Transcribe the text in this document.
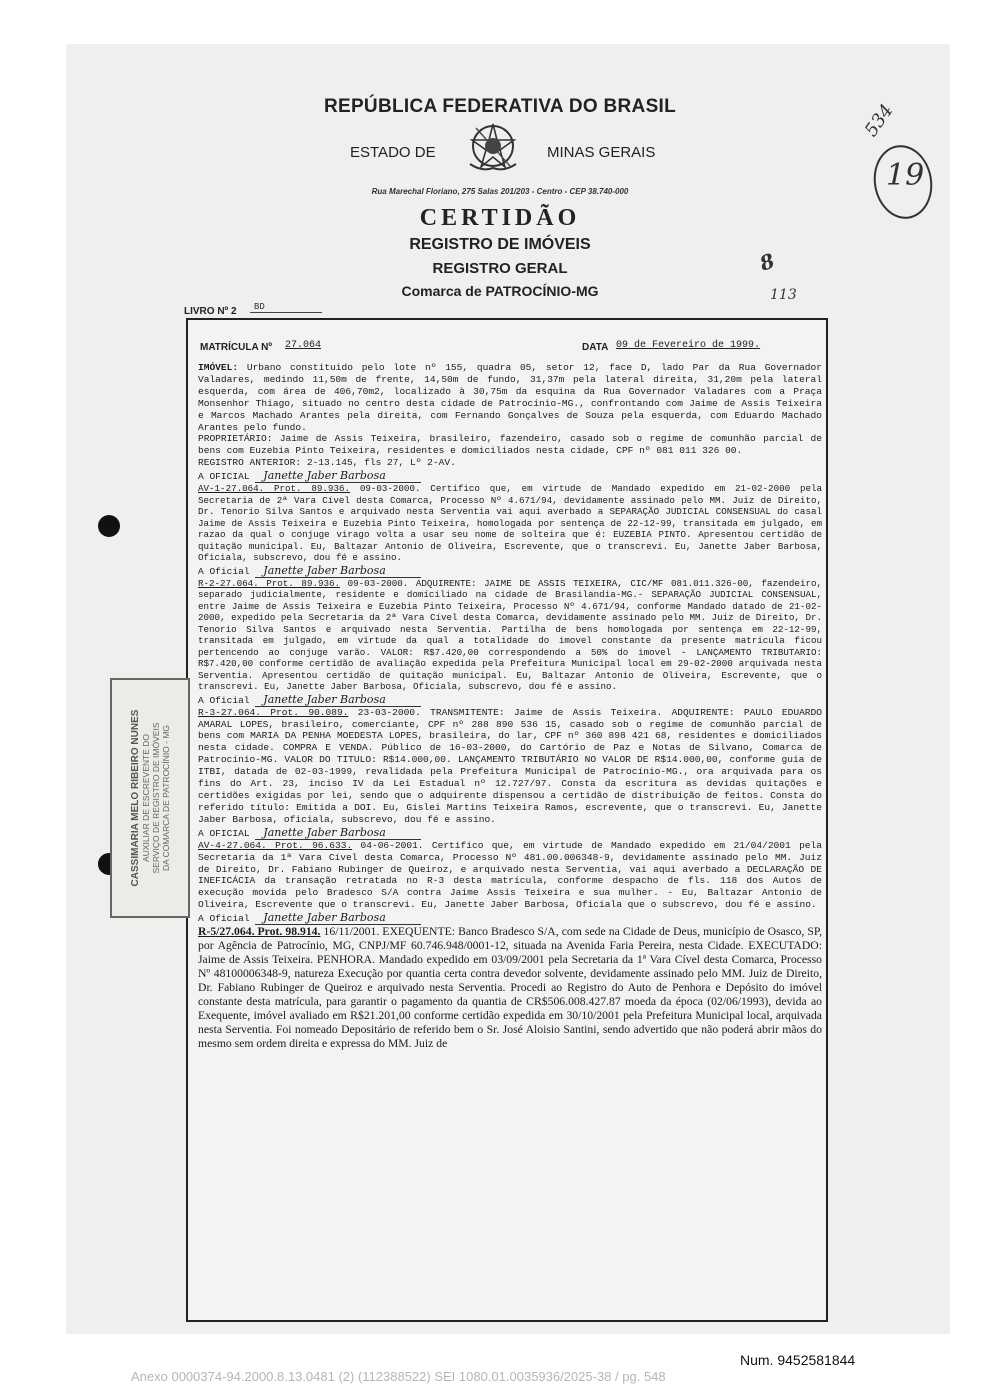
REPÚBLICA FEDERATIVA DO BRASIL
ESTADO DE	MINAS GERAIS
Rua Marechal Floriano, 275 Salas 201/203 - Centro - CEP 38.740-000
CERTIDÃO
REGISTRO DE IMÓVEIS
REGISTRO GERAL
Comarca de PATROCÍNIO-MG
534
19
8
113
LIVRO Nº 2	BD
MATRÍCULA Nº 27.064	DATA 09 de Fevereiro de 1999.

IMÓVEL: Urbano constituido pelo lote nº 155, quadra 05, setor 12, face D, lado Par da Rua Governador Valadares, medindo 11,50m de frente, 14,50m de fundo, 31,37m pela lateral direita, 31,20m pela lateral esquerda, com área de 406,70m2, localizado à 30,75m da esquina da Rua Governador Valadares com a Praça Monsenhor Thiago, situado no centro desta cidade de Patrocínio-MG., confrontando com Jaime de Assis Teixeira e Marcos Machado Arantes pela direita, com Fernando Gonçalves de Souza pela esquerda, com Eduardo Machado Arantes pelo fundo.

PROPRIETÁRIO: Jaime de Assis Teixeira, brasileiro, fazendeiro, casado sob o regime de comunhão parcial de bens com Euzebia Pinto Teixeira, residentes e domiciliados nesta cidade, CPF nº 081 011 326 00.

REGISTRO ANTERIOR: 2-13.145, fls 27, Lº 2-AV.

A OFICIAL Janette Jaber Barbosa

AV-1-27.064. Prot. 89.936. 09-03-2000. Certifico que, em virtude de Mandado expedido em 21-02-2000 pela Secretaria de 2ª Vara Cível desta Comarca, Processo Nº 4.671/94, devidamente assinado pelo MM. Juiz de Direito, Dr. Tenorio Silva Santos e arquivado nesta Serventia vai aqui averbado a SEPARAÇÃO JUDICIAL CONSENSUAL do casal Jaime de Assis Teixeira e Euzebia Pinto Teixeira, homologada por sentença de 22-12-99, transitada em julgado, em razao da qual o conjuge virago volta a usar seu nome de solteira que é: EUZEBIA PINTO. Apresentou certidão de quitação municipal. Eu, Baltazar Antonio de Oliveira, Escrevente, que o transcrevi. Eu, Janette Jaber Barbosa, Oficiala, subscrevo, dou fé e assino.

A Oficial Janette Jaber Barbosa

R-2-27.064. Prot. 89.936. 09-03-2000. ADQUIRENTE: JAIME DE ASSIS TEIXEIRA, CIC/MF 081.011.326-00, fazendeiro, separado judicialmente, residente e domiciliado na cidade de Brasilandia-MG.- SEPARAÇÃO JUDICIAL CONSENSUAL, entre Jaime de Assis Teixeira e Euzebia Pinto Teixeira, Processo Nº 4.671/94, conforme Mandado datado de 21-02-2000, expedido pela Secretaria da 2ª Vara Cível desta Comarca, devidamente assinado pelo MM. Juiz de Direito, Dr. Tenorio Silva Santos e arquivado nesta Serventia. Partilha de bens homologada por sentença em 22-12-99, transitada em julgado, em virtude da qual a totalidade do imovel constante da presente matricula ficou pertencendo ao conjuge varão. VALOR: R$7.420,00 correspondendo a 50% do imovel - LANÇAMENTO TRIBUTARIO: R$7.420,00 conforme certidão de avaliação expedida pela Prefeitura Municipal local em 29-02-2000 arquivada nesta Serventia. Apresentou certidão de quitação municipal. Eu, Baltazar Antonio de Oliveira, Escrevente, que o transcrevi. Eu, Janette Jaber Barbosa, Oficiala, subscrevo, dou fé e assino.

A Oficial Janette Jaber Barbosa

R-3-27.064. Prot. 90.089. 23-03-2000. TRANSMITENTE: Jaime de Assis Teixeira. ADQUIRENTE: PAULO EDUARDO AMARAL LOPES, brasileiro, comerciante, CPF nº 288 890 536 15, casado sob o regime de comunhão parcial de bens com MARIA DA PENHA MOEDESTA LOPES, brasileira, do lar, CPF nº 360 898 421 68, residentes e domiciliados nesta cidade. COMPRA E VENDA. Público de 16-03-2000, do Cartório de Paz e Notas de Silvano, Comarca de Patrocínio-MG. VALOR DO TITULO: R$14.000,00. LANÇAMENTO TRIBUTÁRIO NO VALOR DE R$14.000,00, conforme guia de ITBI, datada de 02-03-1999, revalidada pela Prefeitura Municipal de Patrocínio-MG., ora arquivada para os fins do Art. 23, inciso IV da Lei Estadual nº 12.727/97. Consta da escritura as devidas quitações e certidões exigidas por lei, sendo que o adquirente dispensou a certidão de distribuição de feitos. Consta do referido título: Emitida a DOI. Eu, Gislei Martins Teixeira Ramos, escrevente, que o transcrevi. Eu, Janette Jaber Barbosa, oficiala, subscrevo, dou fé e assino.

A OFICIAL Janette Jaber Barbosa

AV-4-27.064. Prot. 96.633. 04-06-2001. Certifico que, em virtude de Mandado expedido em 21/04/2001 pela Secretaria da 1ª Vara Cível desta Comarca, Processo Nº 481.00.006348-9, devidamente assinado pelo MM. Juiz de Direito, Dr. Fabiano Rubinger de Queiroz, e arquivado nesta Serventia, vai aqui averbado a DECLARAÇÃO DE INEFICÁCIA da transação retratada no R-3 desta matrícula, conforme despacho de fls. 118 dos Autos de execução movida pelo Bradesco S/A contra Jaime Assis Teixeira e sua mulher. - Eu, Baltazar Antonio de Oliveira, Escrevente que o transcrevi. Eu, Janette Jaber Barbosa, Oficiala que o subscrevo, dou fé e assino.

A Oficial Janette Jaber Barbosa

R-5/27.064. Prot. 98.914. 16/11/2001. EXEQUENTE: Banco Bradesco S/A, com sede na Cidade de Deus, município de Osasco, SP, por Agência de Patrocínio, MG, CNPJ/MF 60.746.948/0001-12, situada na Avenida Faria Pereira, nesta Cidade. EXECUTADO: Jaime de Assis Teixeira. PENHORA. Mandado expedido em 03/09/2001 pela Secretaria da 1ª Vara Cível desta Comarca, Processo Nº 48100006348-9, natureza Execução por quantia certa contra devedor solvente, devidamente assinado pelo MM. Juiz de Direito, Dr. Fabiano Rubinger de Queiroz e arquivado nesta Serventia. Procedi ao Registro do Auto de Penhora e Depósito do imóvel constante desta matrícula, para garantir o pagamento da quantia de CR$506.008.427.87 moeda da época (02/06/1993), devida ao Exequente, imóvel avaliado em R$21.201,00 conforme certidão expedida em 30/10/2001 pela Prefeitura Municipal local, arquivada nesta Serventia. Foi nomeado Depositário de referido bem o Sr. José Aloisio Santini, sendo advertido que não poderá abrir mãos do mesmo sem ordem direita e expressa do MM. Juiz de

CASSIMARIA MELO RIBEIRO NUNES AUXILIAR DE ESCREVENTE DO SERVIÇO DE REGISTRO DE IMÓVEIS DA COMARCA DE PATROCÍNIO - MG
Num. 9452581844
Anexo 0000374-94.2000.8.13.0481 (2) (112388522) SEI 1080.01.0035936/2025-38 / pg. 548
